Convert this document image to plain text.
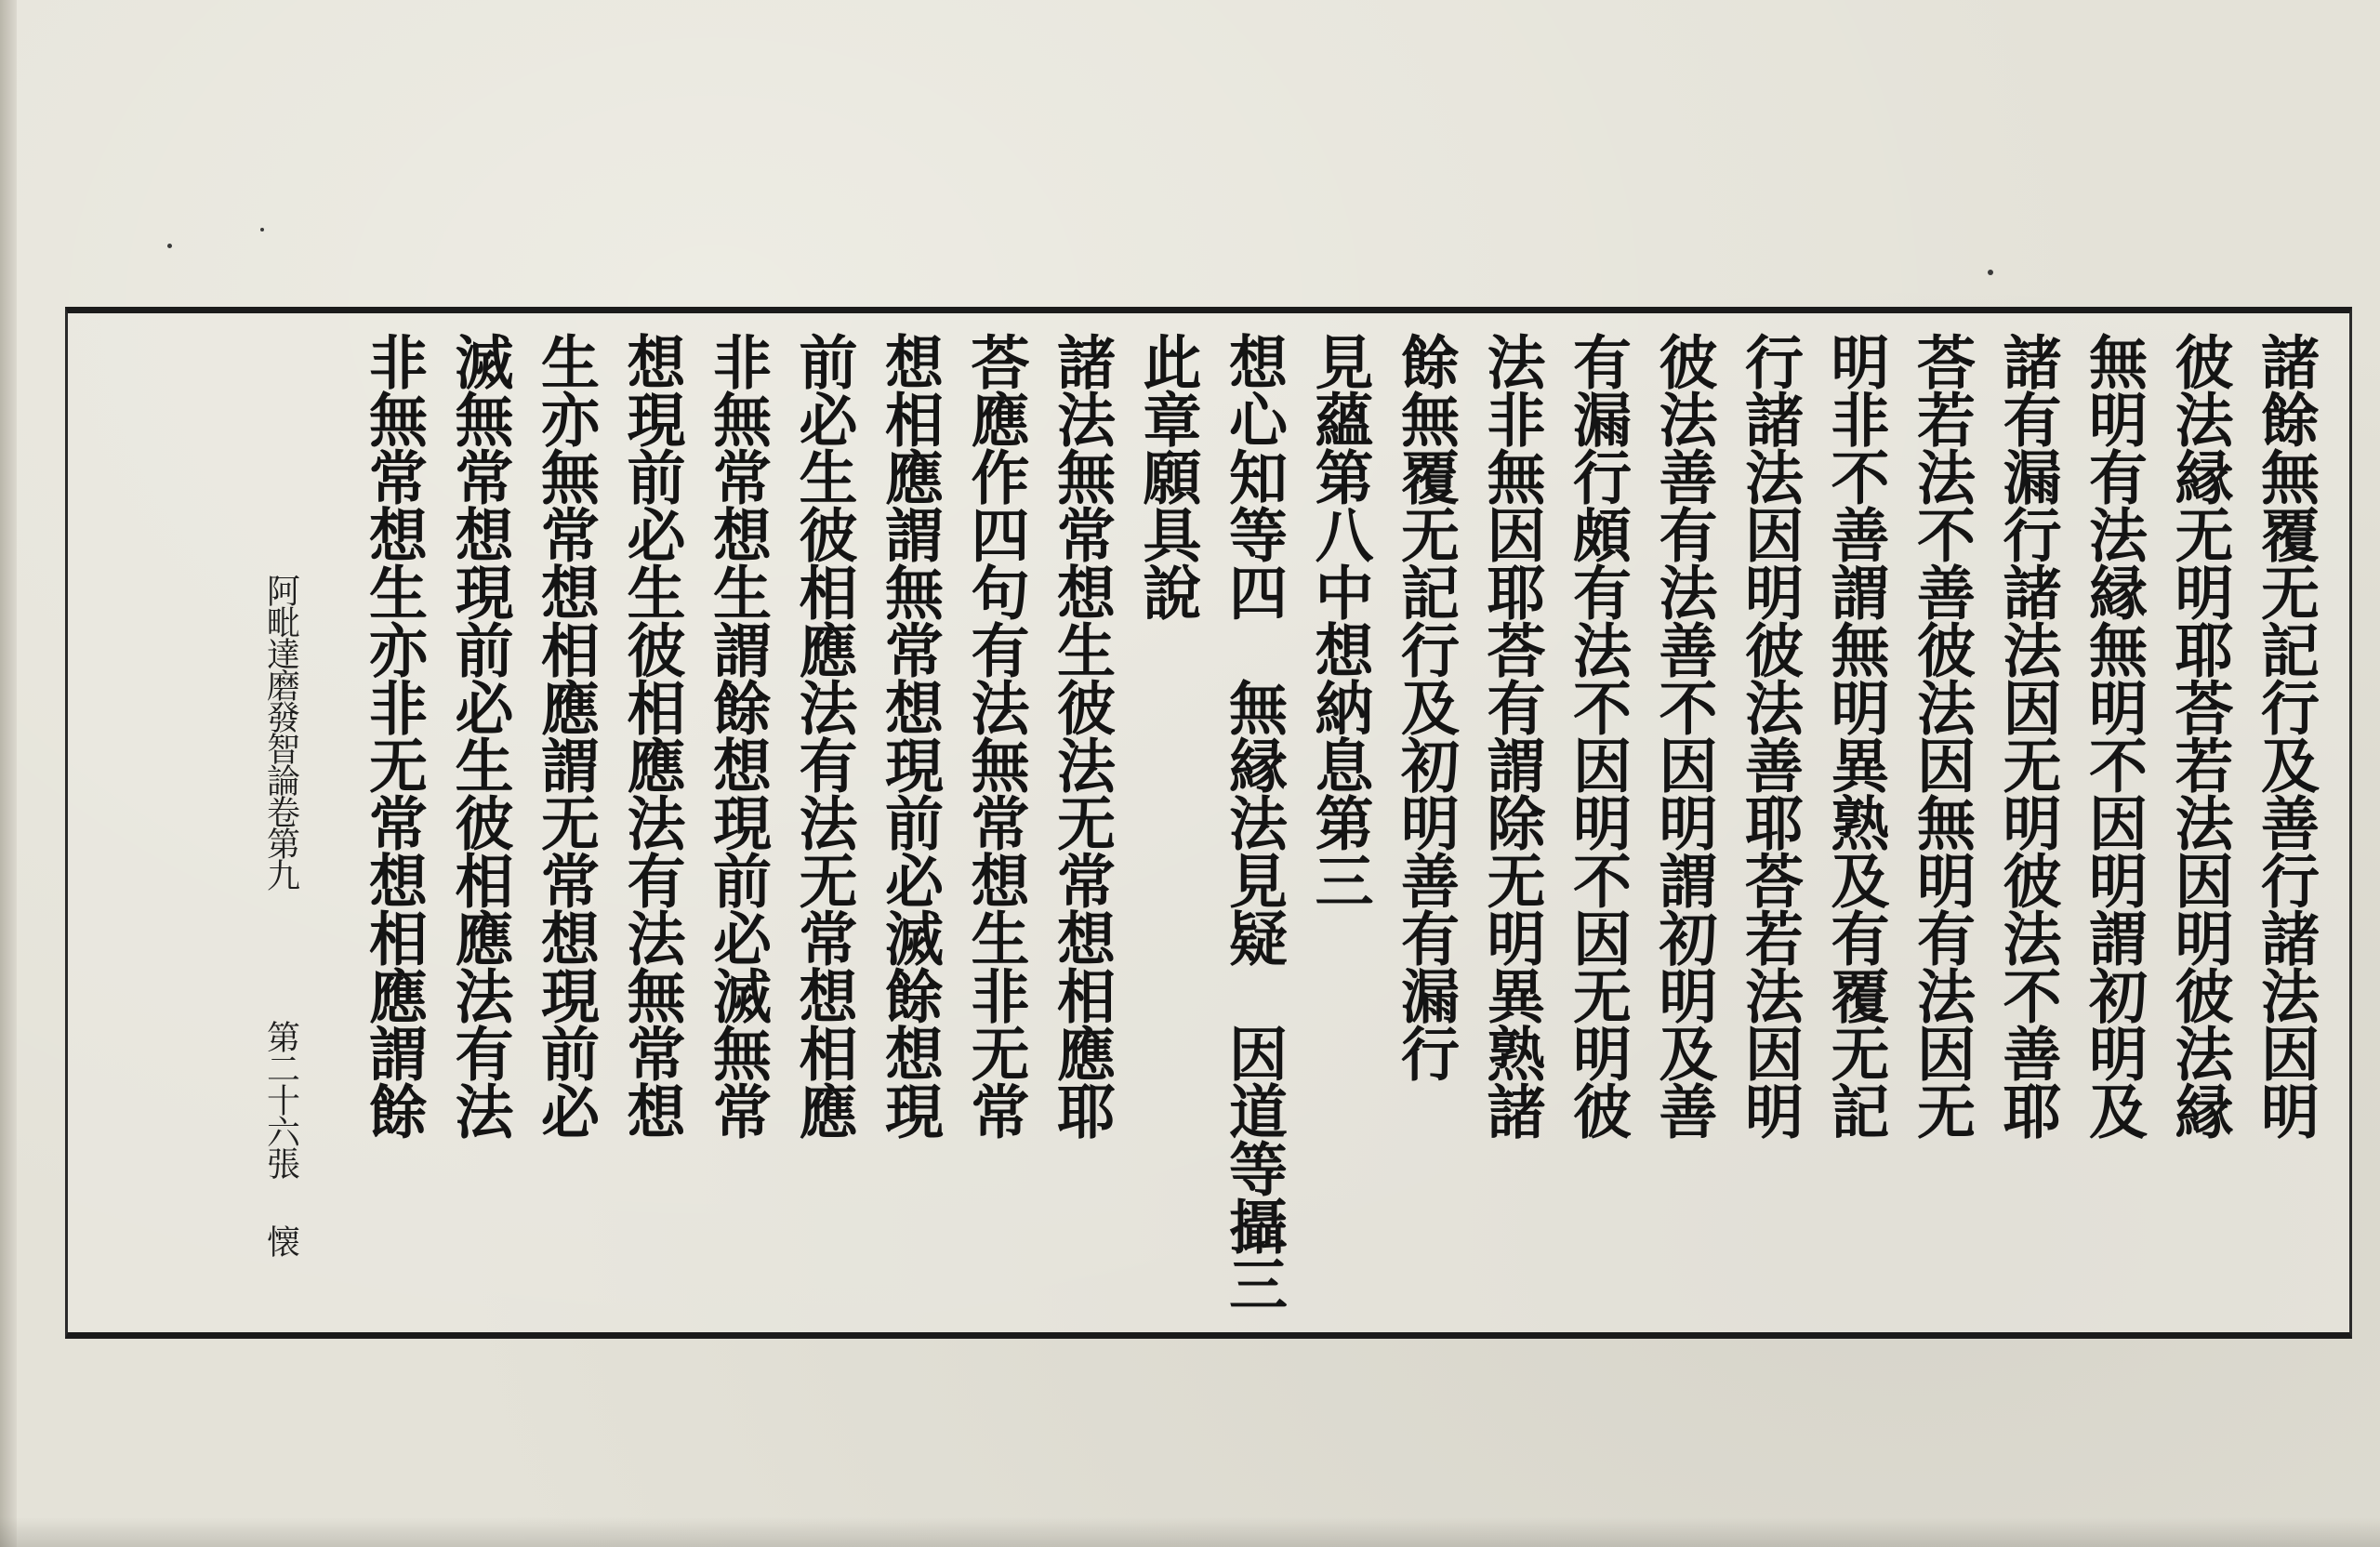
諸餘無覆无記行及善行諸法因明
彼法縁无明耶荅若法因明彼法縁
無明有法縁無明不因明謂初明及
諸有漏行諸法因无明彼法不善耶
荅若法不善彼法因無明有法因无
明非不善謂無明異熟及有覆无記
行諸法因明彼法善耶荅若法因明
彼法善有法善不因明謂初明及善
有漏行頗有法不因明不因无明彼
法非無因耶荅有謂除无明異熟諸
餘無覆无記行及初明善有漏行
見蘊第八中想納息第三
想心知等四　無縁法見疑　因道等攝三
此章願具說
諸法無常想生彼法无常想相應耶
荅應作四句有法無常想生非无常
想相應謂無常想現前必滅餘想現
前必生彼相應法有法无常想相應
非無常想生謂餘想現前必滅無常
想現前必生彼相應法有法無常想
生亦無常想相應謂无常想現前必
滅無常想現前必生彼相應法有法
非無常想生亦非无常想相應謂餘
阿毗達磨發智論卷第九
第二十六張
懐
